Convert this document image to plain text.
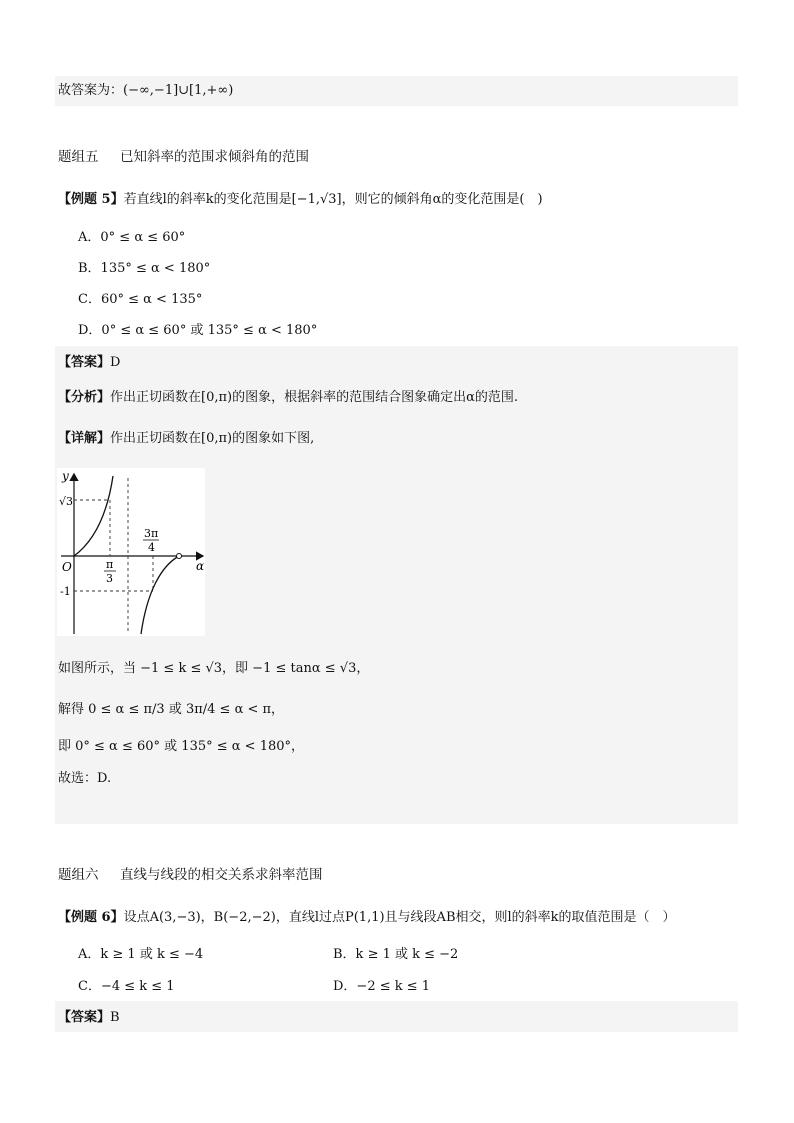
故答案为：(−∞,−1]∪[1,+∞)
题组五 已知斜率的范围求倾斜角的范围
【例题 5】若直线l的斜率k的变化范围是[−1,√3]，则它的倾斜角α的变化范围是(　)
A．0° ≤ α ≤ 60°
B．135° ≤ α < 180°
C．60° ≤ α < 135°
D．0° ≤ α ≤ 60° 或 135° ≤ α < 180°
【答案】D
【分析】作出正切函数在[0,π)的图象，根据斜率的范围结合图象确定出α的范围.
【详解】作出正切函数在[0,π)的图象如下图,
y
α
O
√3
-1
π
3
3π
4
如图所示，当 −1 ≤ k ≤ √3，即 −1 ≤ tanα ≤ √3，
解得 0 ≤ α ≤ π/3 或 3π/4 ≤ α < π，
即 0° ≤ α ≤ 60° 或 135° ≤ α < 180°，
故选：D.
题组六 直线与线段的相交关系求斜率范围
【例题 6】设点A(3,−3)，B(−2,−2)，直线l过点P(1,1)且与线段AB相交，则l的斜率k的取值范围是（　）
A．k ≥ 1 或 k ≤ −4	B．k ≥ 1 或 k ≤ −2
C．−4 ≤ k ≤ 1	D．−2 ≤ k ≤ 1
【答案】B
